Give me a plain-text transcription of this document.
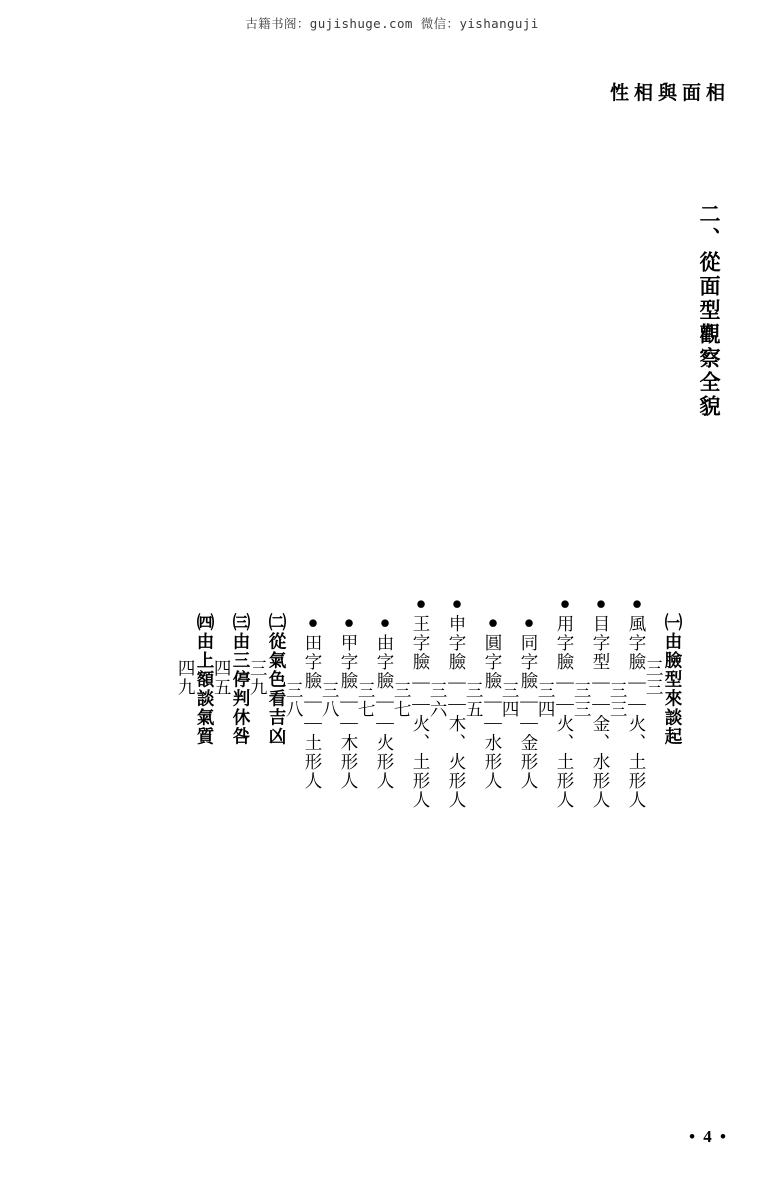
古籍书阁：gujishuge.com 微信：yishanguji
性相與面相
二、從面型觀察全貌
㈠由臉型來談起
三三
●風字臉——火、土形人
三三
●目字型——金、水形人
三三
●用字臉——火、土形人
三四
●同字臉——金形人
三四
●圓字臉——水形人
三五
●申字臉——木、火形人
三六
●王字臉——火、土形人
三七
●由字臉——火形人
三七
●甲字臉——木形人
三八
●田字臉——土形人
三八
㈡從氣色看吉凶
三九
㈢由三停判休咎
四五
㈣由上額談氣質
四九
• 4 •
